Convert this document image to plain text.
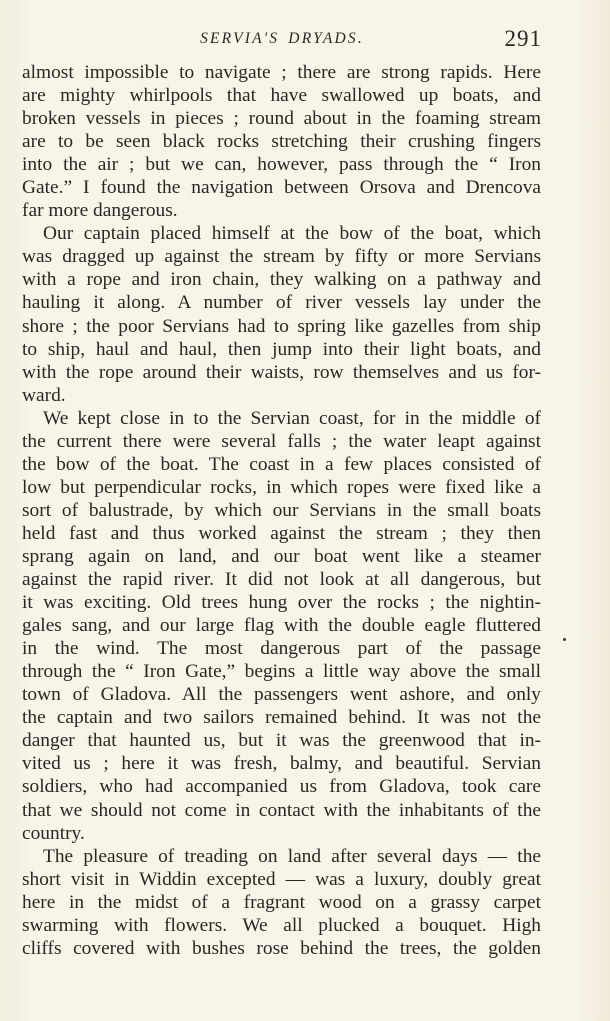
SERVIA'S DRYADS.	291
almost impossible to navigate ; there are strong rapids. Here
are mighty whirlpools that have swallowed up boats, and
broken vessels in pieces ; round about in the foaming stream
are to be seen black rocks stretching their crushing fingers
into the air ; but we can, however, pass through the “ Iron
Gate.” I found the navigation between Orsova and Drencova
far more dangerous.
Our captain placed himself at the bow of the boat, which
was dragged up against the stream by fifty or more Servians
with a rope and iron chain, they walking on a pathway and
hauling it along. A number of river vessels lay under the
shore ; the poor Servians had to spring like gazelles from ship
to ship, haul and haul, then jump into their light boats, and
with the rope around their waists, row themselves and us for-
ward.
We kept close in to the Servian coast, for in the middle of
the current there were several falls ; the water leapt against
the bow of the boat. The coast in a few places consisted of
low but perpendicular rocks, in which ropes were fixed like a
sort of balustrade, by which our Servians in the small boats
held fast and thus worked against the stream ; they then
sprang again on land, and our boat went like a steamer
against the rapid river. It did not look at all dangerous, but
it was exciting. Old trees hung over the rocks ; the nightin-
gales sang, and our large flag with the double eagle fluttered
in the wind. The most dangerous part of the passage
through the “ Iron Gate,” begins a little way above the small
town of Gladova. All the passengers went ashore, and only
the captain and two sailors remained behind. It was not the
danger that haunted us, but it was the greenwood that in-
vited us ; here it was fresh, balmy, and beautiful. Servian
soldiers, who had accompanied us from Gladova, took care
that we should not come in contact with the inhabitants of the
country.
The pleasure of treading on land after several days — the
short visit in Widdin excepted — was a luxury, doubly great
here in the midst of a fragrant wood on a grassy carpet
swarming with flowers. We all plucked a bouquet. High
cliffs covered with bushes rose behind the trees, the golden
